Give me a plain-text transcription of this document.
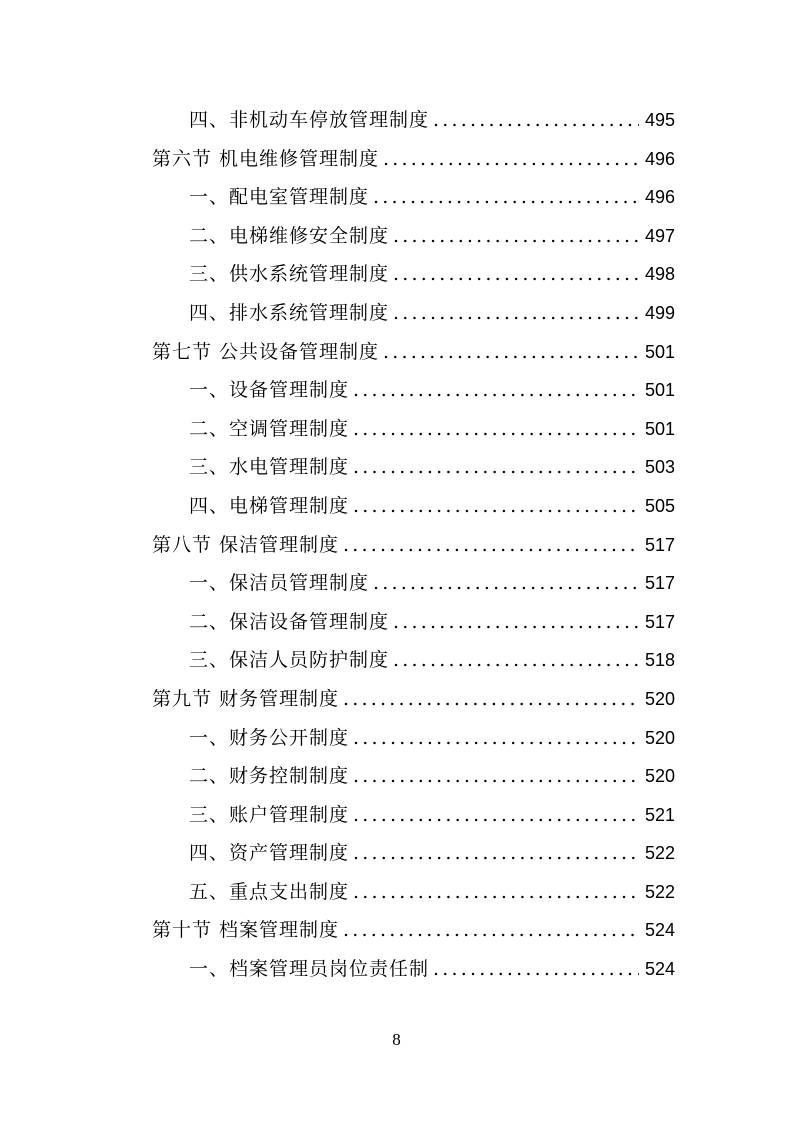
四、非机动车停放管理制度 .....	495
第六节 机电维修管理制度 .....	496
一、配电室管理制度 .....	496
二、电梯维修安全制度 .....	497
三、供水系统管理制度 .....	498
四、排水系统管理制度 .....	499
第七节 公共设备管理制度 .....	501
一、设备管理制度 .....	501
二、空调管理制度 .....	501
三、水电管理制度 .....	503
四、电梯管理制度 .....	505
第八节 保洁管理制度 .....	517
一、保洁员管理制度 .....	517
二、保洁设备管理制度 .....	517
三、保洁人员防护制度 .....	518
第九节 财务管理制度 .....	520
一、财务公开制度 .....	520
二、财务控制制度 .....	520
三、账户管理制度 .....	521
四、资产管理制度 .....	522
五、重点支出制度 .....	522
第十节 档案管理制度 .....	524
一、档案管理员岗位责任制 .....	524
8
